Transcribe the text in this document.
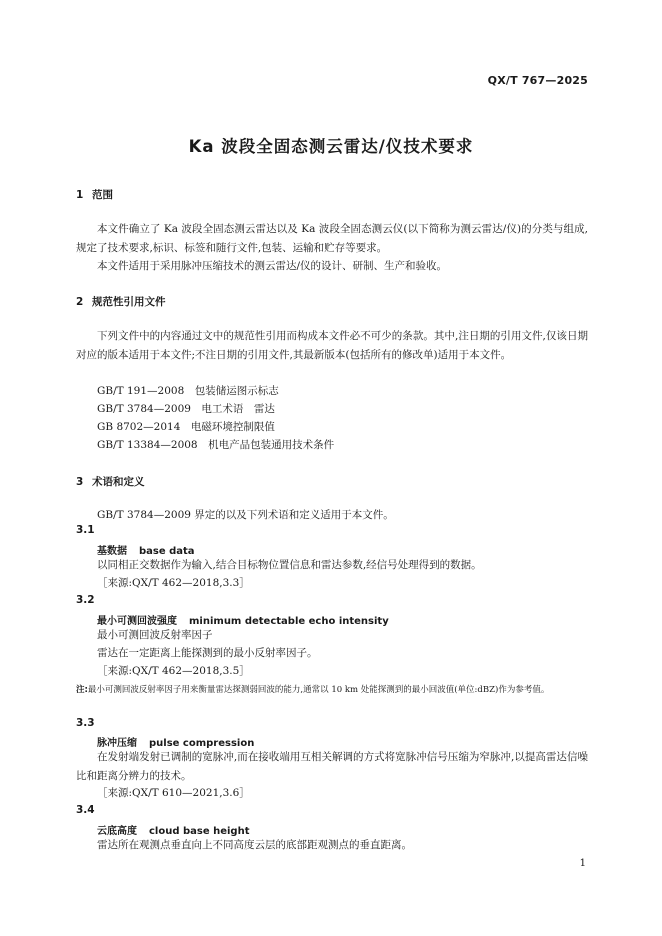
QX/T 767—2025
Ka 波段全固态测云雷达/仪技术要求
1 范围
本文件确立了 Ka 波段全固态测云雷达以及 Ka 波段全固态测云仪(以下简称为测云雷达/仪)的分类与组成,规定了技术要求,标识、标签和随行文件,包装、运输和贮存等要求。
本文件适用于采用脉冲压缩技术的测云雷达/仪的设计、研制、生产和验收。
2 规范性引用文件
下列文件中的内容通过文中的规范性引用而构成本文件必不可少的条款。其中,注日期的引用文件,仅该日期对应的版本适用于本文件;不注日期的引用文件,其最新版本(包括所有的修改单)适用于本文件。
GB/T 191—2008　包装储运图示标志
GB/T 3784—2009　电工术语　雷达
GB 8702—2014　电磁环境控制限值
GB/T 13384—2008　机电产品包装通用技术条件
3 术语和定义
GB/T 3784—2009 界定的以及下列术语和定义适用于本文件。
3.1
基数据 base data
以同相正交数据作为输入,结合目标物位置信息和雷达参数,经信号处理得到的数据。
［来源:QX/T 462—2018,3.3］
3.2
最小可测回波强度 minimum detectable echo intensity
最小可测回波反射率因子
雷达在一定距离上能探测到的最小反射率因子。
［来源:QX/T 462—2018,3.5］
注:最小可测回波反射率因子用来衡量雷达探测弱回波的能力,通常以 10 km 处能探测到的最小回波值(单位:dBZ)作为参考值。
3.3
脉冲压缩 pulse compression
在发射端发射已调制的宽脉冲,而在接收端用互相关解调的方式将宽脉冲信号压缩为窄脉冲,以提高雷达信噪比和距离分辨力的技术。
［来源:QX/T 610—2021,3.6］
3.4
云底高度 cloud base height
雷达所在观测点垂直向上不同高度云层的底部距观测点的垂直距离。
1
